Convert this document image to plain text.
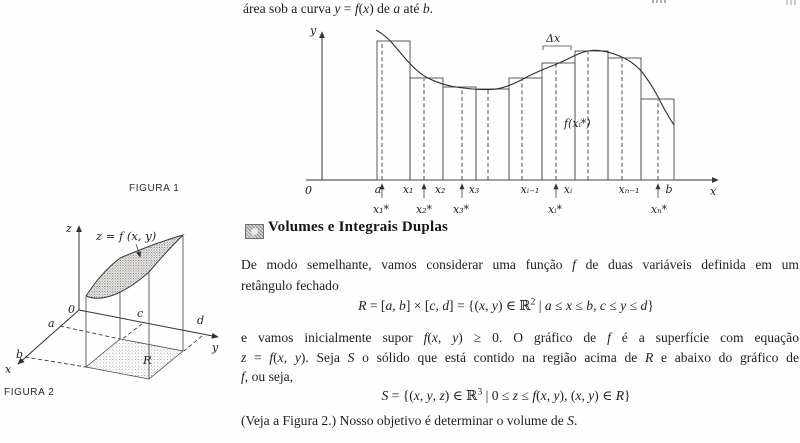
área sob a curva y = f(x) de a até b.
y
x
0
Δx
f(xᵢ*)
a x₁ x₂ x₃	xᵢ₋₁ xᵢ	xₙ₋₁ b
x₁* x₂* x₃*	xᵢ*	xₙ*
FIGURA 1
z
y
x
0
R
z = f (x, y)
a
b
c
d
FIGURA 2
Volumes e Integrais Duplas
De modo semelhante, vamos considerar uma função f de duas variáveis definida em um
retângulo fechado
R = [a, b] × [c, d] = {(x, y) ∈ ℝ$^2$ | a ≤ x ≤ b, c ≤ y ≤ d}
e vamos inicialmente supor f(x, y) ≥ 0. O gráfico de f é a superfície com equação
z = f(x, y). Seja S o sólido que está contido na região acima de R e abaixo do gráfico de
f, ou seja,
S = {(x, y, z) ∈ ℝ$^3$ | 0 ≤ z ≤ f(x, y), (x, y) ∈ R}
(Veja a Figura 2.) Nosso objetivo é determinar o volume de S.
